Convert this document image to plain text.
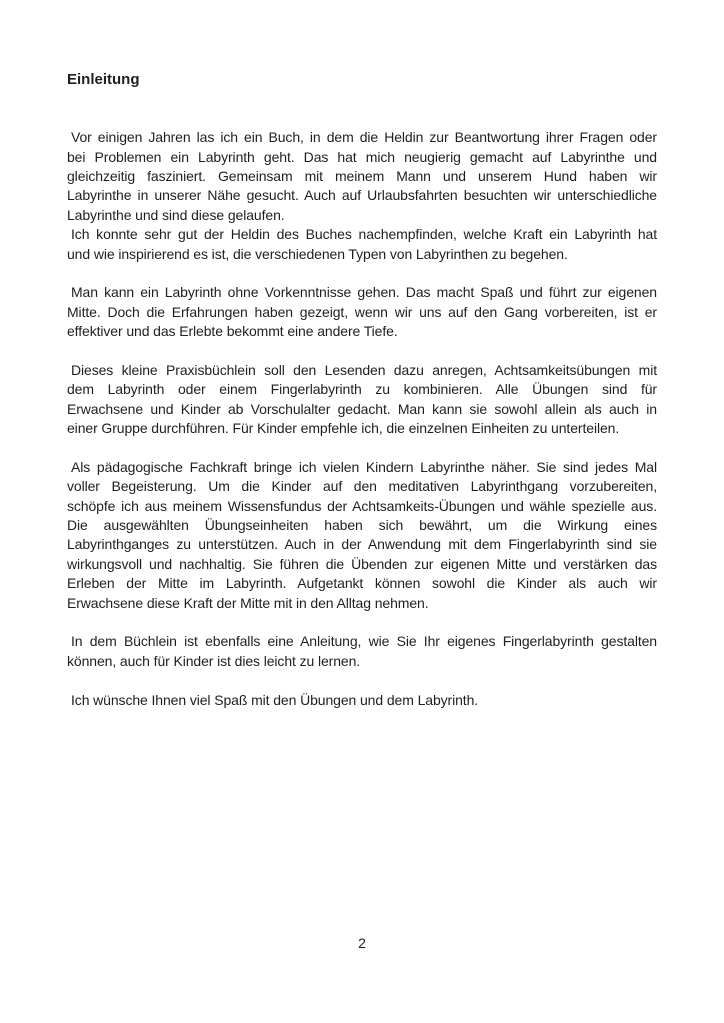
Einleitung
Vor einigen Jahren las ich ein Buch, in dem die Heldin zur Beantwortung ihrer Fragen oder
bei Problemen ein Labyrinth geht. Das hat mich neugierig gemacht auf Labyrinthe und
gleichzeitig fasziniert. Gemeinsam mit meinem Mann und unserem Hund haben wir
Labyrinthe in unserer Nähe gesucht. Auch auf Urlaubsfahrten besuchten wir unterschiedliche
Labyrinthe und sind diese gelaufen.
Ich konnte sehr gut der Heldin des Buches nachempfinden, welche Kraft ein Labyrinth hat
und wie inspirierend es ist, die verschiedenen Typen von Labyrinthen zu begehen.
Man kann ein Labyrinth ohne Vorkenntnisse gehen. Das macht Spaß und führt zur eigenen
Mitte. Doch die Erfahrungen haben gezeigt, wenn wir uns auf den Gang vorbereiten, ist er
effektiver und das Erlebte bekommt eine andere Tiefe.
Dieses kleine Praxisbüchlein soll den Lesenden dazu anregen, Achtsamkeitsübungen mit
dem Labyrinth oder einem Fingerlabyrinth zu kombinieren. Alle Übungen sind für
Erwachsene und Kinder ab Vorschulalter gedacht. Man kann sie sowohl allein als auch in
einer Gruppe durchführen. Für Kinder empfehle ich, die einzelnen Einheiten zu unterteilen.
Als pädagogische Fachkraft bringe ich vielen Kindern Labyrinthe näher. Sie sind jedes Mal
voller Begeisterung. Um die Kinder auf den meditativen Labyrinthgang vorzubereiten,
schöpfe ich aus meinem Wissensfundus der Achtsamkeits-Übungen und wähle spezielle aus.
Die ausgewählten Übungseinheiten haben sich bewährt, um die Wirkung eines
Labyrinthganges zu unterstützen. Auch in der Anwendung mit dem Fingerlabyrinth sind sie
wirkungsvoll und nachhaltig. Sie führen die Übenden zur eigenen Mitte und verstärken das
Erleben der Mitte im Labyrinth. Aufgetankt können sowohl die Kinder als auch wir
Erwachsene diese Kraft der Mitte mit in den Alltag nehmen.
In dem Büchlein ist ebenfalls eine Anleitung, wie Sie Ihr eigenes Fingerlabyrinth gestalten
können, auch für Kinder ist dies leicht zu lernen.
Ich wünsche Ihnen viel Spaß mit den Übungen und dem Labyrinth.
2
